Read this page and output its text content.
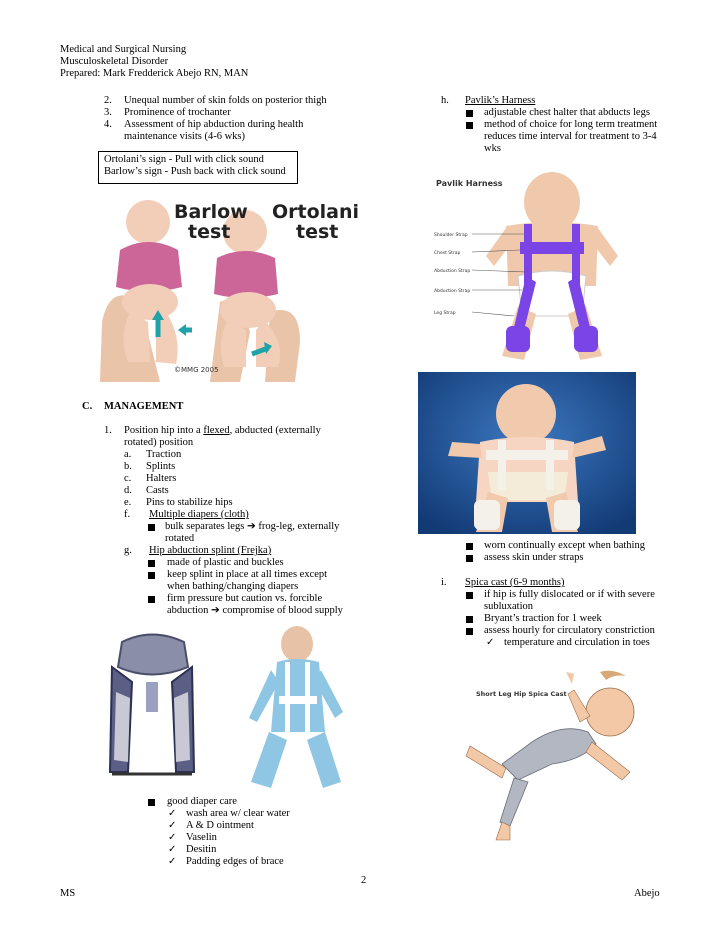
Medical and Surgical Nursing
Musculoskeletal Disorder
Prepared: Mark Fredderick Abejo RN, MAN
2. Unequal number of skin folds on posterior thigh
3. Prominence of trochanter
4. Assessment of hip abduction during health
maintenance visits (4-6 wks)
Ortolani’s sign - Pull with click sound
Barlow’s sign - Push back with click sound
Barlow
test
Ortolani
test
©MMG 2005
C. MANAGEMENT
1. Position hip into a flexed, abducted (externally
rotated) position
a. Traction
b. Splints
c. Halters
d. Casts
e. Pins to stabilize hips
f. Multiple diapers (cloth)
bulk separates legs ➔ frog-leg, externally
rotated
g. Hip abduction splint (Frejka)
made of plastic and buckles
keep splint in place at all times except
when bathing/changing diapers
firm pressure but caution vs. forcible
abduction ➔ compromise of blood supply
good diaper care
✓ wash area w/ clear water
✓ A & D ointment
✓ Vaselin
✓ Desitin
✓ Padding edges of brace
h. Pavlik’s Harness
adjustable chest halter that abducts legs
method of choice for long term treatment
reduces time interval for treatment to 3-4
wks
Pavlik Harness
Shoulder Strap
Chest Strap
Abduction Strap
Abduction Strap
Leg Strap
worn continually except when bathing
assess skin under straps
i. Spica cast (6-9 months)
if hip is fully dislocated or if with severe
subluxation
Bryant’s traction for 1 week
assess hourly for circulatory constriction
✓ temperature and circulation in toes
Short Leg Hip Spica Cast
2
MS	Abejo
